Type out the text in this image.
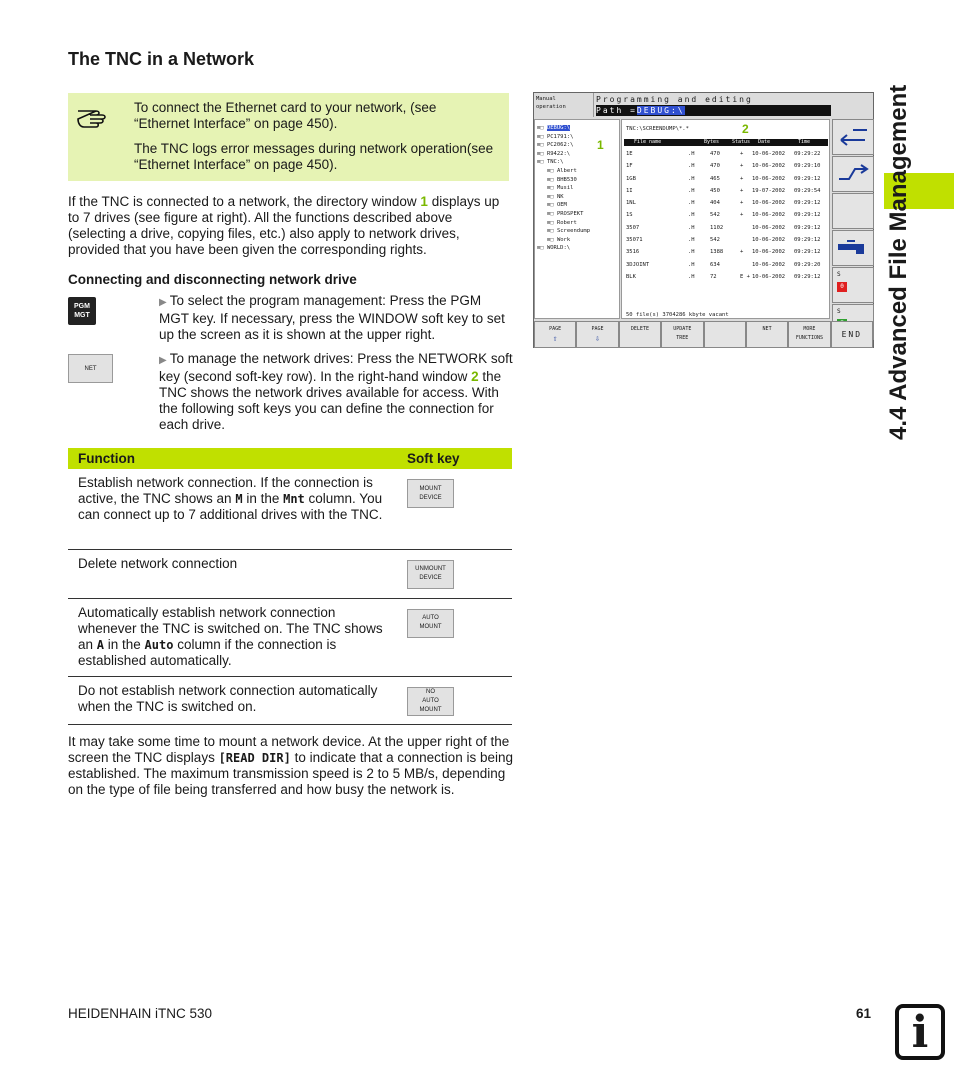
The TNC in a Network

To connect the Ethernet card to your network, (see “Ethernet Interface” on page 450).

The TNC logs error messages during network operation(see “Ethernet Interface” on page 450).

If the TNC is connected to a network, the directory window 1 displays up to 7 drives (see figure at right). All the functions described above (selecting a drive, copying files, etc.) also apply to network drives, provided that you have been given the corresponding rights.
Connecting and disconnecting network drive
PGM
MGT
▶ To select the program management: Press the PGM MGT key. If necessary, press the WINDOW soft key to set up the screen as it is shown at the upper right.
NET
▶ To manage the network drives: Press the NETWORK soft key (second soft-key row). In the right-hand window 2 the TNC shows the network drives available for access. With the following soft keys you can define the connection for each drive.
Function	Soft key
Establish network connection. If the connection is active, the TNC shows an M in the Mnt column. You can connect up to 7 additional drives with the TNC.	MOUNT
DEVICE

Delete network connection	UNMOUNT
DEVICE

Automatically establish network connection whenever the TNC is switched on. The TNC shows an A in the Auto column if the connection is established automatically.	AUTO
MOUNT

Do not establish network connection automatically when the TNC is switched on.	NO
AUTO
MOUNT
It may take some time to mount a network device. At the upper right of the screen the TNC displays [READ DIR] to indicate that a connection is being established. The maximum transmission speed is 2 to 5 MB/s, depending on the type of file being transferred and how busy the network is.
Manual
operation
Programming and editing
Path =DEBUG:\
⊞□ DEBUG:\
⊞□ PC1791:\
⊞□ PC2062:\
⊞□ R9422:\
⊞□ TNC:\
⊞□ Albert
⊞□ BHB530
⊞□ Musil
⊞□ NK
⊞□ OEM
⊞□ PROSPEKT
⊞□ Robert
⊞□ Screendump
⊞□ Work
⊞□ WORLD:\
1
TNC:\SCREENDUMP\*.*	2
File name	Bytes	Status Date	Time
1E	.H	470	+ 10-06-2002 09:29:22
1F	.H	470	+ 10-06-2002 09:29:10
1GB	.H	465	+ 10-06-2002 09:29:12
1I	.H	450	+ 19-07-2002 09:29:54
1NL	.H	404	+ 10-06-2002 09:29:12
1S	.H	542	+ 10-06-2002 09:29:12
3507	.H	1102	10-06-2002 09:29:12
35071	.H	542	10-06-2002 09:29:12
3516	.H	1388	+ 10-06-2002 09:29:12
3DJOINT	.H	634	10-06-2002 09:29:20
BLK	.H	72	E + 10-06-2002 09:29:12
50 file(s) 3704286 kbyte vacant
S
0
S
PAGE
⇧
PAGE
⇩
DELETE	UPDATE
TREE
NET	MORE
FUNCTIONS	END 4.4 Advanced File Management
HEIDENHAIN iTNC 530	61 i
